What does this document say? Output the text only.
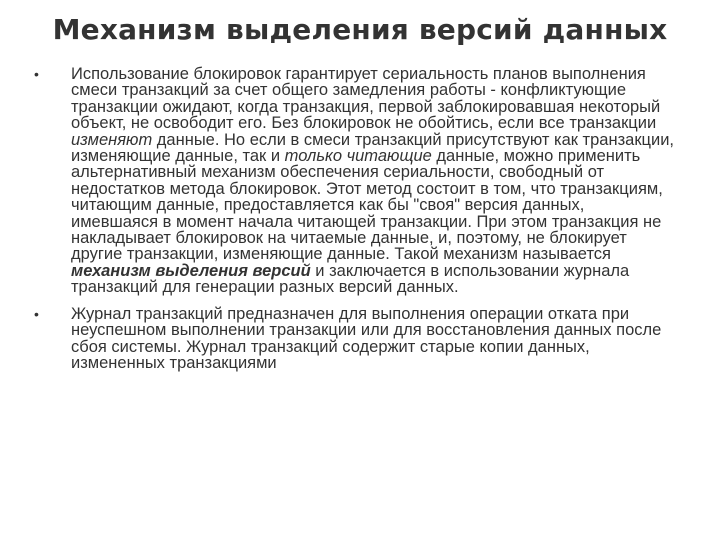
Механизм выделения версий данных
•	Использование блокировок гарантирует сериальность планов выполнения смеси транзакций за счет общего замедления работы - конфликтующие транзакции ожидают, когда транзакция, первой заблокировавшая некоторый объект, не освободит его. Без блокировок не обойтись, если все транзакции изменяют данные. Но если в смеси транзакций присутствуют как транзакции, изменяющие данные, так и только читающие данные, можно применить альтернативный механизм обеспечения сериальности, свободный от недостатков метода блокировок. Этот метод состоит в том, что транзакциям, читающим данные, предоставляется как бы "своя" версия данных, имевшаяся в момент начала читающей транзакции. При этом транзакция не накладывает блокировок на читаемые данные, и, поэтому, не блокирует другие транзакции, изменяющие данные. Такой механизм называется механизм выделения версий и заключается в использовании журнала транзакций для генерации разных версий данных.
•	Журнал транзакций предназначен для выполнения операции отката при неуспешном выполнении транзакции или для восстановления данных после сбоя системы. Журнал транзакций содержит старые копии данных, измененных транзакциями
